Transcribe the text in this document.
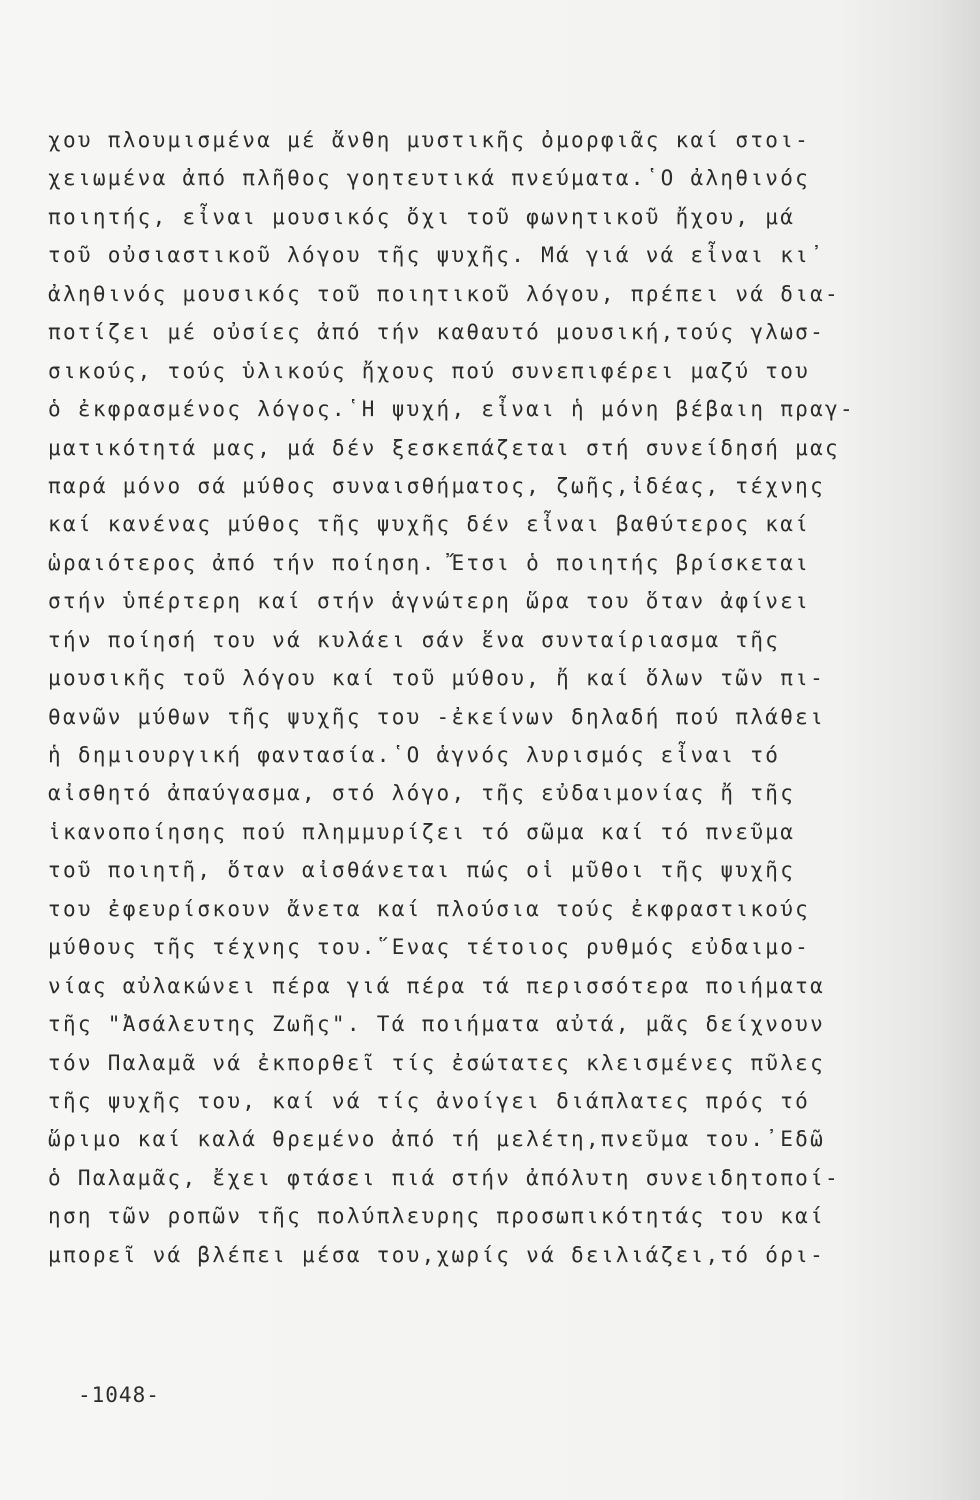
χου πλουμισμένα μέ ἄνθη μυστικῆς ὀμορφιᾶς καί στοι-
χειωμένα ἀπό πλῆθος γοητευτικά πνεύματα.῾Ο ἀληθινός
ποιητής, εἶναι μουσικός ὄχι τοῦ φωνητικοῦ ἤχου, μά
τοῦ οὐσιαστικοῦ λόγου τῆς ψυχῆς. Μά γιά νά εἶναι κι᾿
ἀληθινός μουσικός τοῦ ποιητικοῦ λόγου, πρέπει νά δια-
ποτίζει μέ οὐσίες ἀπό τήν καθαυτό μουσική,τούς γλωσ-
σικούς, τούς ὑλικούς ἤχους πού συνεπιφέρει μαζύ του
ὁ ἐκφρασμένος λόγος.῾Η ψυχή, εἶναι ἡ μόνη βέβαιη πραγ-
ματικότητά μας, μά δέν ξεσκεπάζεται στή συνείδησή μας
παρά μόνο σά μύθος συναισθήματος, ζωῆς,ἰδέας, τέχνης
καί κανένας μύθος τῆς ψυχῆς δέν εἶναι βαθύτερος καί
ὡραιότερος ἀπό τήν ποίηση. Ἔτσι ὁ ποιητής βρίσκεται
στήν ὑπέρτερη καί στήν ἁγνώτερη ὥρα του ὅταν ἀφίνει
τήν ποίησή του νά κυλάει σάν ἕνα συνταίριασμα τῆς
μουσικῆς τοῦ λόγου καί τοῦ μύθου, ἤ καί ὅλων τῶν πι-
θανῶν μύθων τῆς ψυχῆς του -ἐκείνων δηλαδή πού πλάθει
ἡ δημιουργική φαντασία.῾Ο ἁγνός λυρισμός εἶναι τό
αἰσθητό ἀπαύγασμα, στό λόγο, τῆς εὐδαιμονίας ἤ τῆς
ἱκανοποίησης πού πλημμυρίζει τό σῶμα καί τό πνεῦμα
τοῦ ποιητῆ, ὅταν αἰσθάνεται πώς οἱ μῦθοι τῆς ψυχῆς
του ἐφευρίσκουν ἄνετα καί πλούσια τούς ἐκφραστικούς
μύθους τῆς τέχνης του.῞Ενας τέτοιος ρυθμός εὐδαιμο-
νίας αὐλακώνει πέρα γιά πέρα τά περισσότερα ποιήματα
τῆς "Ἀσάλευτης Ζωῆς". Τά ποιήματα αὐτά, μᾶς δείχνουν
τόν Παλαμᾶ νά ἐκπορθεῖ τίς ἐσώτατες κλεισμένες πῦλες
τῆς ψυχῆς του, καί νά τίς ἀνοίγει διάπλατες πρός τό
ὥριμο καί καλά θρεμένο ἀπό τή μελέτη,πνεῦμα του.᾿Εδῶ
ὁ Παλαμᾶς, ἔχει φτάσει πιά στήν ἀπόλυτη συνειδητοποί-
ηση τῶν ροπῶν τῆς πολύπλευρης προσωπικότητάς του καί
μπορεῖ νά βλέπει μέσα του,χωρίς νά δειλιάζει,τό όρι-
-1048-
